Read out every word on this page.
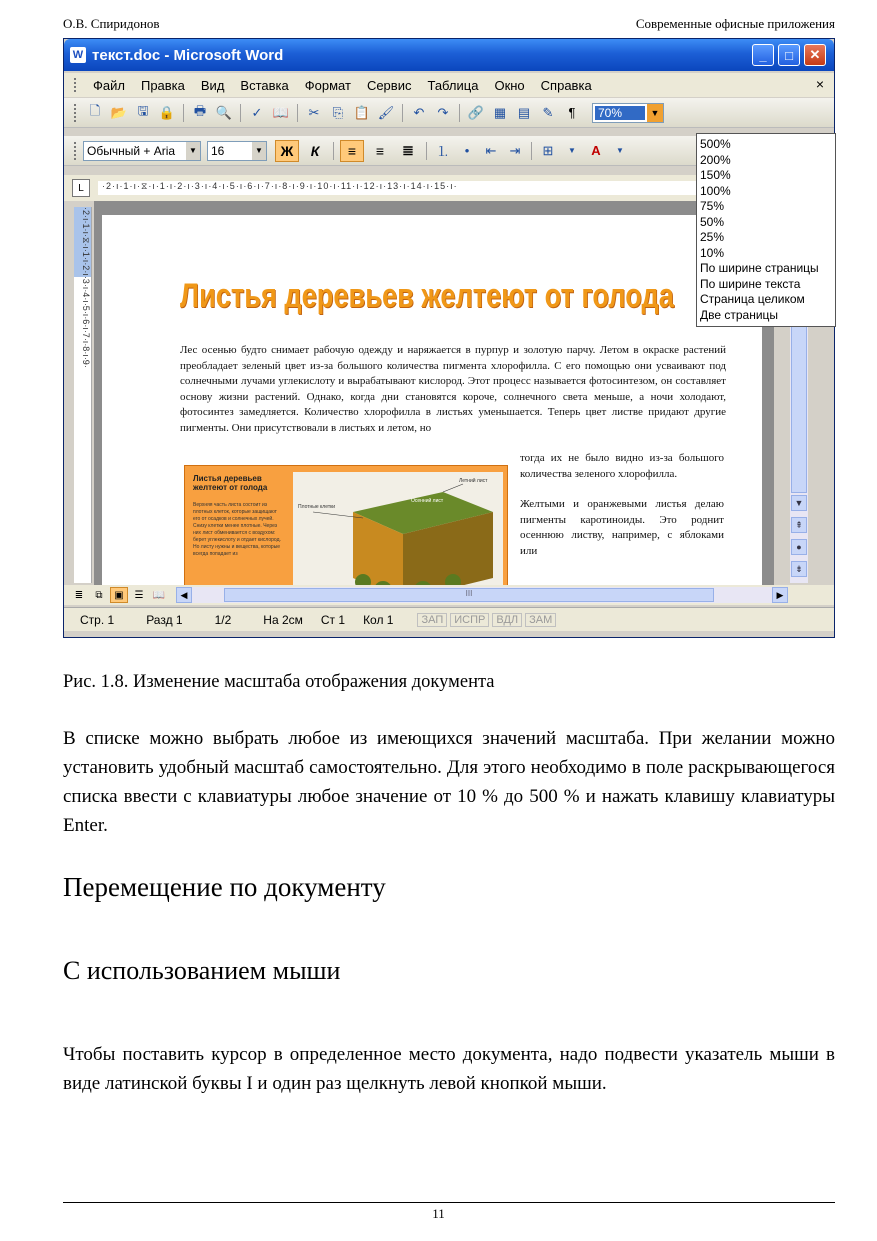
О.В. Спиридонов	Современные офисные приложения
W текст.doc - Microsoft Word	_	□	✕
Файл	Правка	Вид	Вставка	Формат	Сервис	Таблица	Окно	Справка	×
🗋 📂 🖫 🔒 🖶 🔍 ✓ 📖 ✂ ⎘ 📋 🖌 ↶ ↷ 🔗 ▦ ▤ ✎	¶	70%	▼
Обычный + Aria	▼ 16	▼	Ж	К	≡	≡	≣	⒈	•	⇤ ⇥ ⊞	▼	A	▼
L	·2·ı·1·ı·⧖·ı·1·ı·2·ı·3·ı·4·ı·5·ı·6·ı·7·ı·8·ı·9·ı·10·ı·11·ı·12·ı·13·ı·14·ı·15·ı·
·2·ı·1·ı·⧖·ı·1·ı·2·ı·3·ı·4·ı·5·ı·6·ı·7·ı·8·ı·9·	Листья деревьев желтеют от голода
Лес осенью будто снимает рабочую одежду и наряжается в пурпур и золотую парчу. Летом в окраске растений преобладает зеленый цвет из-за большого количества пигмента хлорофилла. С его помощью они усваивают под солнечными лучами углекислоту и вырабатывают кислород. Этот процесс называется фотосинтезом, он составляет основу жизни растений. Однако, когда дни становятся короче, солнечного света меньше, а ночи холодают, фотосинтез замедляется. Количество хлорофилла в листьях уменьшается. Теперь цвет листве придают другие пигменты. Они присутствовали в листьях и летом, но
Листья деревьев желтеют от голода
Верхняя часть листа состоит из плотных клеток, которые защищают его от осадков и солнечных лучей. Снизу клетки менее плотные. Через них лист обменивается с воздухом: берет углекислоту и отдает кислород. Но листу нужны и вещества, которые всегда попадает из
Плотные клетки
Осенний лист
Летний лист

тогда их не было видно из-за большого количества зеленого хлорофилла.

Желтыми и оранжевыми листья делаю пигменты каротиноиды. Это роднит осеннюю листву, например, с яблоками или

▼
⇞
●
⇟
≣	⧉	▣	☰ 📖	◀	III	▶
Стр. 1	Разд 1	1/2	На 2см	Ст 1	Кол 1	ЗАП	ИСПР	ВДЛ	ЗАМ
500%
200%
150%
100%
75%
50%
25%
10%
По ширине страницы
По ширине текста
Страница целиком
Две страницы
Рис. 1.8. Изменение масштаба отображения документа
В списке можно выбрать любое из имеющихся значений масштаба. При желании можно установить удобный масштаб самостоятельно. Для этого необходимо в поле раскрывающегося списка ввести с клавиатуры любое значение от 10 % до 500 % и нажать клавишу клавиатуры Enter.
Перемещение по документу
С использованием мыши
Чтобы поставить курсор в определенное место документа, надо подвести указатель мыши в виде латинской буквы I и один раз щелкнуть левой кнопкой мыши.
11
